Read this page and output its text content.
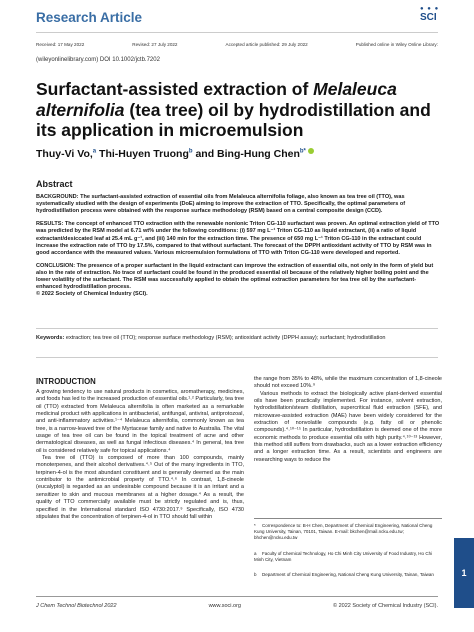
Research Article
● ● ●
SCI
Received: 17 May 2022	Revised: 27 July 2022	Accepted article published: 29 July 2022	Published online in Wiley Online Library:
(wileyonlinelibrary.com) DOI 10.1002/jctb.7202
Surfactant-assisted extraction of Melaleuca alternifolia (tea tree) oil by hydrodistillation and its application in microemulsion
Thuy-Vi Vo,$^a$ Thi-Huyen Truong$^b$ and Bing-Hung Chen$^{b*}$
Abstract

BACKGROUND: The surfactant-assisted extraction of essential oils from Melaleuca alternifolia foliage, also known as tea tree oil (TTO), was systematically studied with the design of experiments (DoE) aiming to improve the extraction of TTO. Specifically, the optimal parameters of hydrodistillation process were obtained with the response surface methodology (RSM) based on a central composite design (CCD).

RESULTS: The concept of enhanced TTO extraction with the renewable nonionic Triton CG-110 surfactant was proven. An optimal extraction yield of TTO was predicted by the RSM model at 6.71 wt% under the following conditions: (i) 597 mg L⁻¹ Triton CG-110 as liquid extractant, (ii) a ratio of liquid extractant/desiccated leaf at 25.4 mL g⁻¹, and (iii) 140 min for the extraction time. The presence of 650 mg L⁻¹ Triton CG-110 in the extractant could increase the extraction rate of TTO by 17.5%, compared to that without surfactant. The forecast of the DPPH antioxidant activity of TTO by RSM was in good accordance with the measured values. Various microemulsion formulations of TTO with Triton CG-110 were developed and reported.

CONCLUSION: The presence of a proper surfactant in the liquid extractant can improve the extraction of essential oils, not only in the form of yield but also in the rate of extraction. No trace of surfactant could be found in the produced essential oil because of the relatively higher boiling point and the lower volatility of the surfactant. The RSM was successfully applied to obtain the optimal extraction parameters for tea tree oil by the surfactant-enhanced hydrodistillation process.

© 2022 Society of Chemical Industry (SCI).

Keywords: extraction; tea tree oil (TTO); response surface methodology (RSM); antioxidant activity (DPPH assay); surfactant; hydrodistillation
INTRODUCTION

A growing tendency to use natural products in cosmetics, aromatherapy, medicines, and foods has led to the increased production of essential oils.¹˒² Particularly, tea tree oil (TTO) extracted from Melaleuca alternifolia is often marketed as a remarkable medicinal product with applications in antibacterial, antifungal, antiviral, antiprotozoal, and anti-inflammatory activities.¹⁻⁴ Melaleuca alternifolia, commonly known as tea tree, is a narrow-leaved tree of the Myrtaceae family and native to Australia. The vital usage of tea tree oil can be found in the topical treatment of acne and other dermatological diseases, as well as fungal infectious diseases.⁴ In general, tea tree oil is considered relatively safe for topical applications.⁴

Tea tree oil (TTO) is composed of more than 100 compounds, mainly monoterpenes, and their alcohol derivatives.⁴˒⁵ Out of the many ingredients in TTO, terpinen-4-ol is the most abundant constituent and is generally deemed as the main contributor to the antimicrobial property of TTO.⁴˒⁶ In contrast, 1,8-cineole (eucalyptol) is regarded as an undesirable compound because it is an irritant and a sensitizer to skin and mucous membranes at a higher dosage.⁴ As a result, the quality of TTO commercially available must be strictly regulated and is, thus, specified in the International standard ISO 4730:2017.⁹ Specifically, ISO 4730 stipulates that the concentration of terpinen-4-ol in TTO should fall within

the range from 35% to 48%, while the maximum concentration of 1,8-cineole should not exceed 10%.⁹

Various methods to extract the biologically active plant-derived essential oils have been practically implemented. For instance, solvent extraction, hydrodistillation/steam distillation, supercritical fluid extraction (SFE), and microwave-assisted extraction (MAE) have been widely considered for the extraction of nonvolatile compounds (e.g. fatty oil or phenolic compounds).⁴˒¹⁰⁻¹⁵ In particular, hydrodistillation is deemed one of the more economic methods to produce essential oils with high purity.⁴˒¹⁰⁻¹³ However, this method still suffers from drawbacks, such as a lower extraction efficiency and a longer extraction time. As a result, scientists and engineers are researching ways to reduce the

* Correspondence to: B-H Chen, Department of Chemical Engineering, National Cheng Kung University, Tainan, 70101, Taiwan. E-mail: bkchen@mail.ncku.edu.tw; bhchen@ncku.edu.tw
a Faculty of Chemical Technology, Ho Chi Minh City University of Food Industry, Ho Chi Minh City, Vietnam
b Department of Chemical Engineering, National Cheng Kung University, Tainan, Taiwan
J Chem Technol Biotechnol 2022	www.soci.org	© 2022 Society of Chemical Industry (SCI).
1
